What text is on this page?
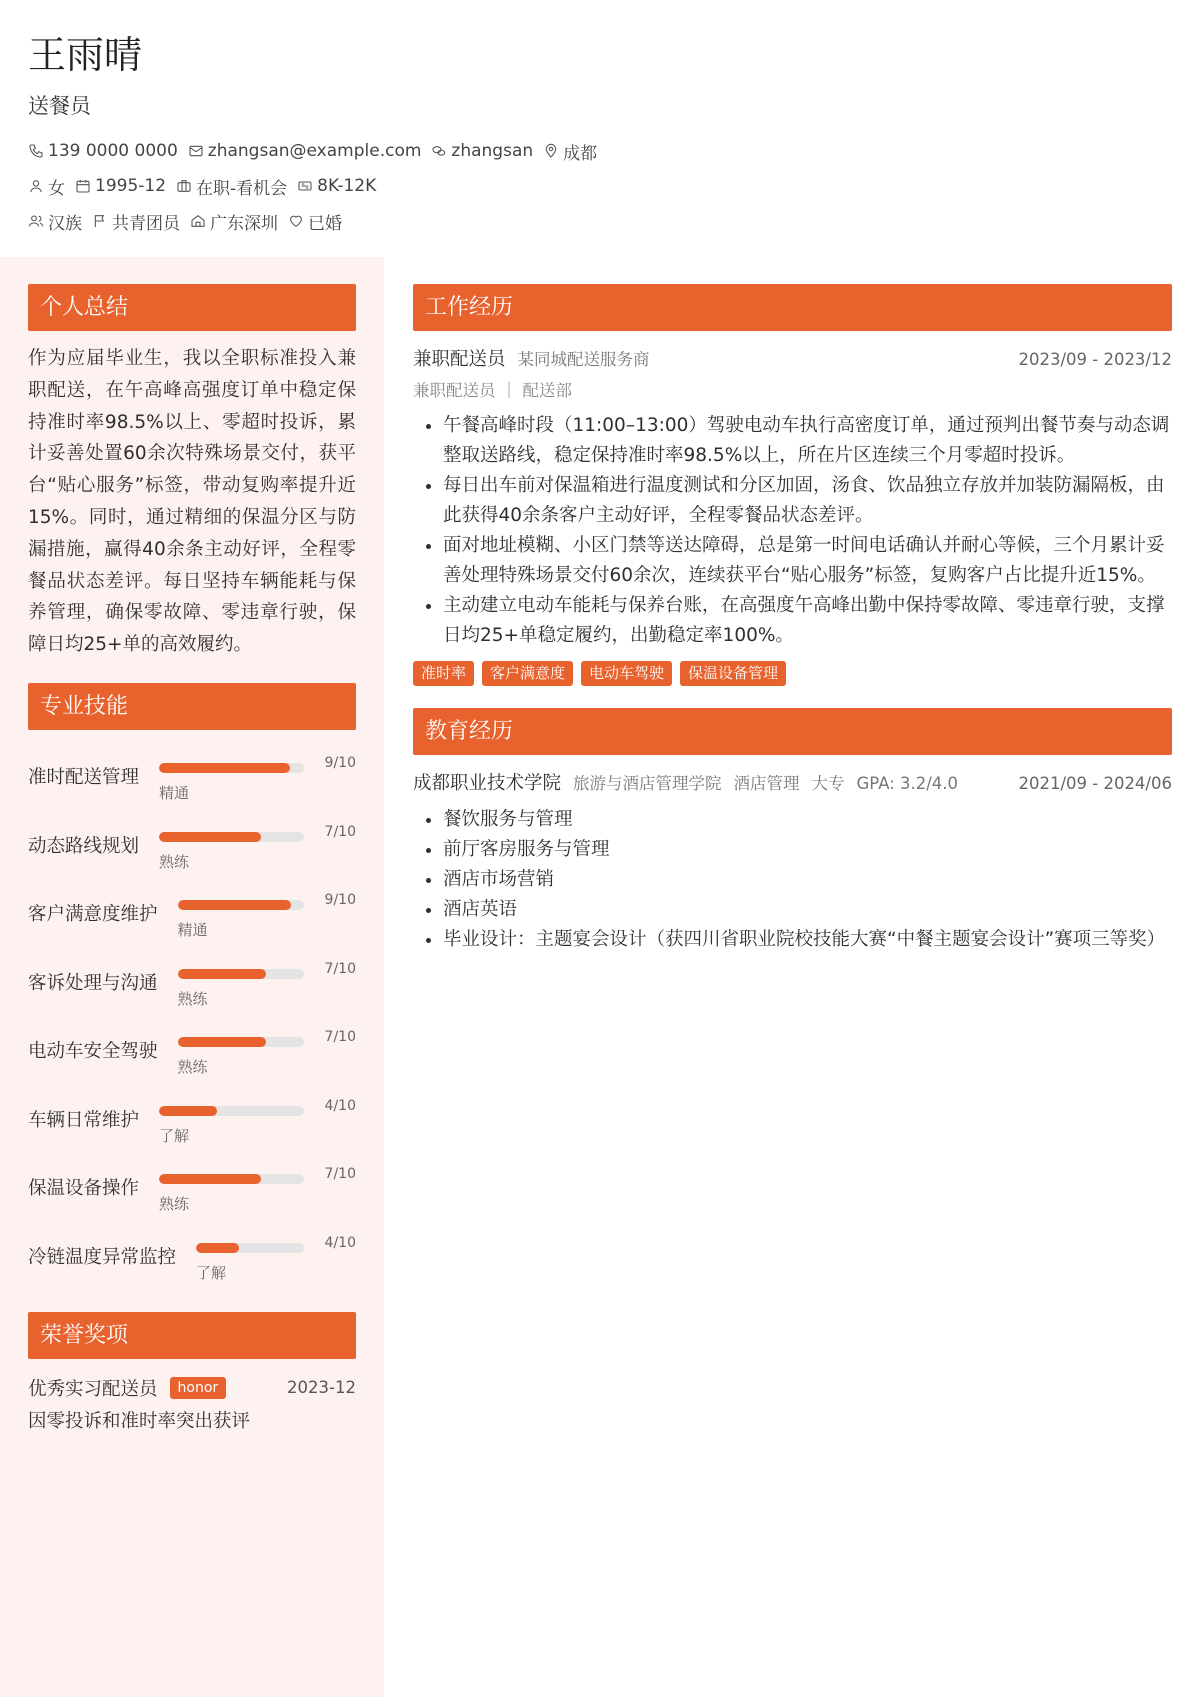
王雨晴
送餐员
139 0000 0000 zhangsan@example.com zhangsan 成都
女 1995-12 在职-看机会 8K-12K
汉族 共青团员 广东深圳 已婚
个人总结

作为应届毕业生，我以全职标准投入兼职配送，在午高峰高强度订单中稳定保持准时率98.5%以上、零超时投诉，累计妥善处置60余次特殊场景交付，获平台“贴心服务”标签，带动复购率提升近15%。同时，通过精细的保温分区与防漏措施，赢得40余条主动好评，全程零餐品状态差评。每日坚持车辆能耗与保养管理，确保零故障、零违章行驶，保障日均25+单的高效履约。

专业技能
准时配送管理
9/10
精通
动态路线规划
7/10
熟练
客户满意度维护
9/10
精通
客诉处理与沟通
7/10
熟练
电动车安全驾驶
7/10
熟练
车辆日常维护
4/10
了解
保温设备操作
7/10
熟练
冷链温度异常监控
4/10
了解
荣誉奖项
优秀实习配送员	honor	2023-12
因零投诉和准时率突出获评
工作经历
兼职配送员 某同城配送服务商	2023/09 - 2023/12
兼职配送员 ｜ 配送部
• 午餐高峰时段（11:00–13:00）驾驶电动车执行高密度订单，通过预判出餐节奏与动态调整取送路线，稳定保持准时率98.5%以上，所在片区连续三个月零超时投诉。
• 每日出车前对保温箱进行温度测试和分区加固，汤食、饮品独立存放并加装防漏隔板，由此获得40余条客户主动好评，全程零餐品状态差评。
• 面对地址模糊、小区门禁等送达障碍，总是第一时间电话确认并耐心等候，三个月累计妥善处理特殊场景交付60余次，连续获平台“贴心服务”标签，复购客户占比提升近15%。
• 主动建立电动车能耗与保养台账，在高强度午高峰出勤中保持零故障、零违章行驶，支撑日均25+单稳定履约，出勤稳定率100%。
准时率	客户满意度	电动车驾驶	保温设备管理
教育经历
成都职业技术学院 旅游与酒店管理学院 酒店管理 大专 GPA: 3.2/4.0	2021/09 - 2024/06
• 餐饮服务与管理
• 前厅客房服务与管理
• 酒店市场营销
• 酒店英语
• 毕业设计：主题宴会设计（获四川省职业院校技能大赛“中餐主题宴会设计”赛项三等奖）
